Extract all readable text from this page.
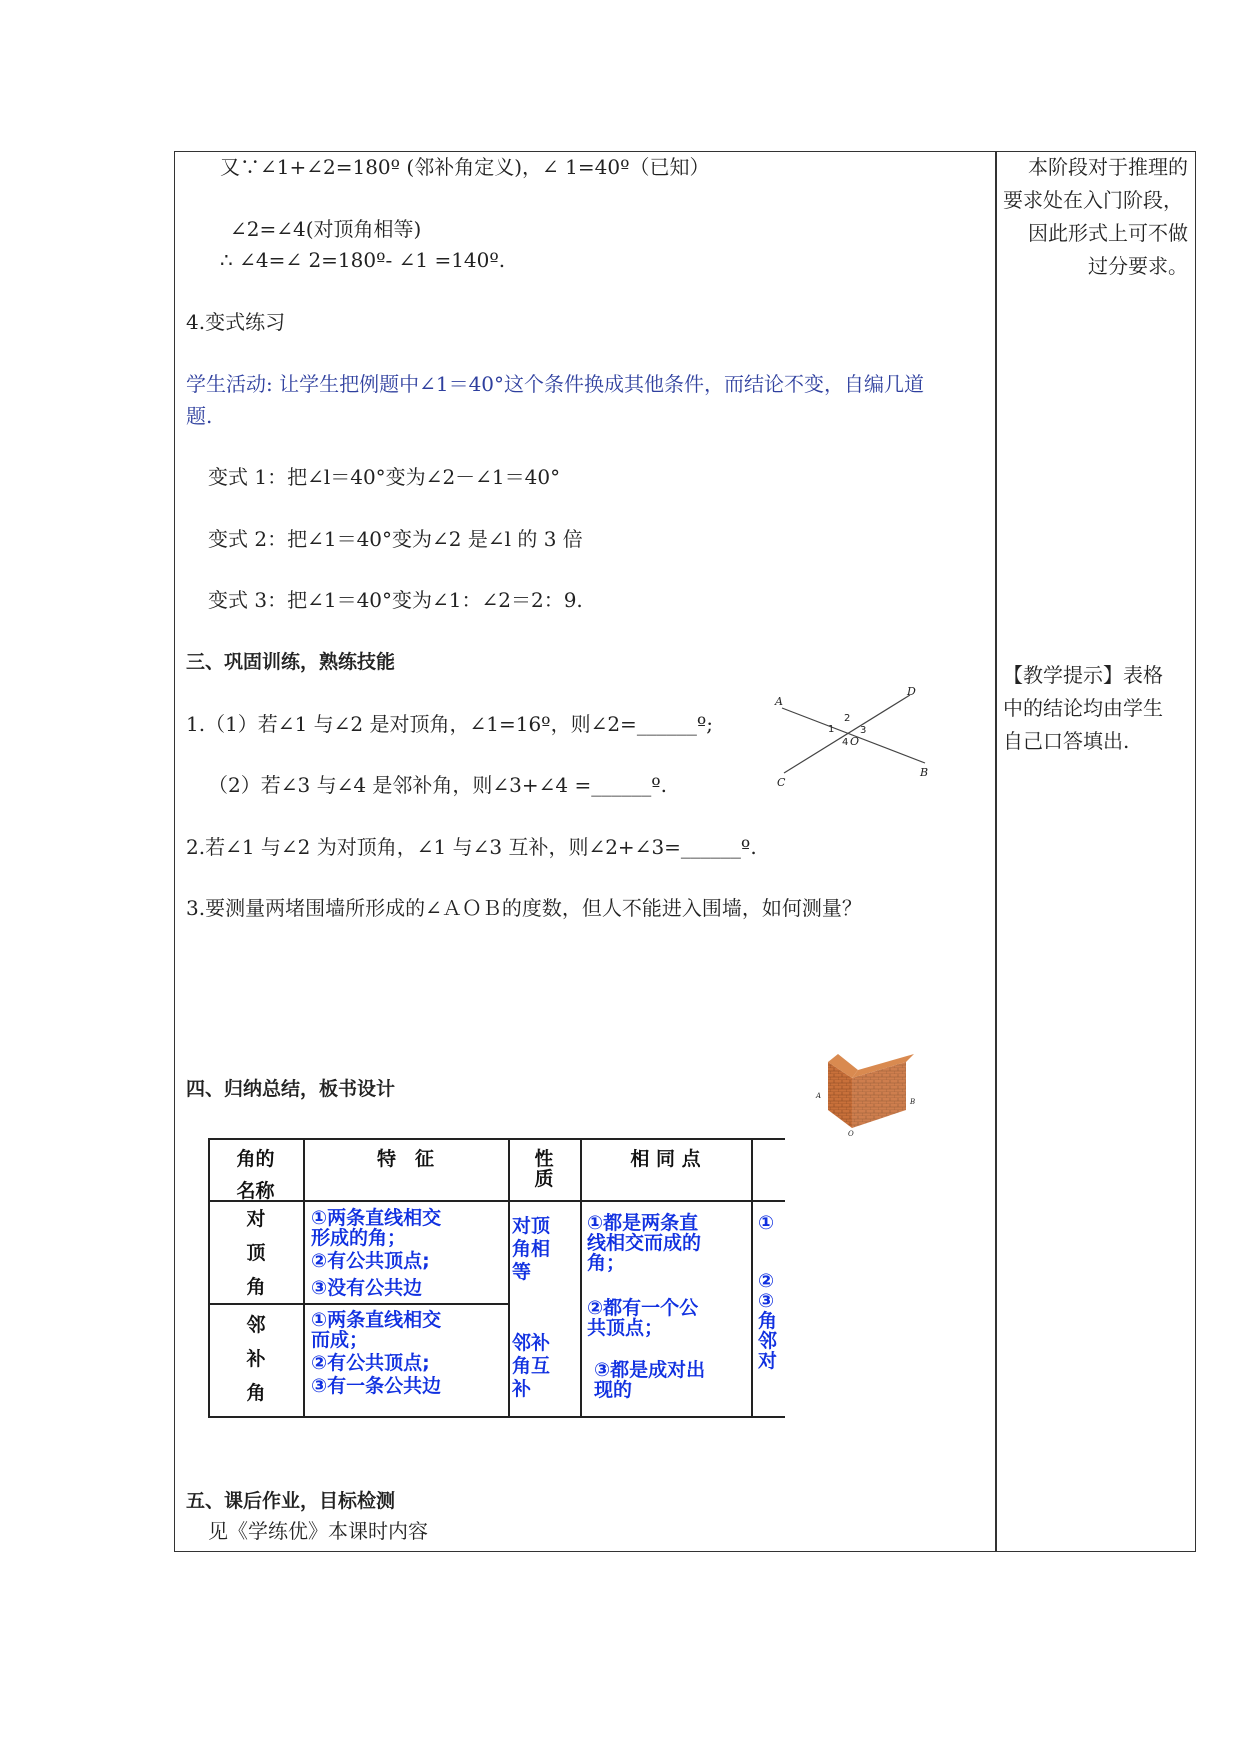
又∵∠1+∠2=180º (邻补角定义)，∠ 1=40º（已知）
∠2=∠4(对顶角相等)
∴ ∠4=∠ 2=180º- ∠1 =140º.
4.变式练习
学生活动: 让学生把例题中∠1＝40°这个条件换成其他条件，而结论不变，自编几道
题.
变式 1：把∠l＝40°变为∠2－∠1＝40°
变式 2：把∠1＝40°变为∠2 是∠l 的 3 倍
变式 3：把∠1＝40°变为∠1：∠2＝2：9.
三、巩固训练，熟练技能
1.（1）若∠1 与∠2 是对顶角，∠1=16º，则∠2=______º;
（2）若∠3 与∠4 是邻补角，则∠3+∠4 =______º.
2.若∠1 与∠2 为对顶角，∠1 与∠3 互补，则∠2+∠3=______º.
3.要测量两堵围墙所形成的∠ＡＯＢ的度数，但人不能进入围墙，如何测量？
A
B
C
D
O
1
2
3
4
A
B
O
四、归纳总结，板书设计
角的
名称
特　征	性
质
相 同 点
对
顶
角
①两条直线相交
形成的角；
②有公共顶点;
③没有公共边
对顶
角相
等
①都是两条直
线相交而成的
角；
②都有一个公
共顶点；
③都是成对出
现的
①
②
③
角
邻
对
邻
补
角
①两条直线相交
而成；
②有公共顶点;
③有一条公共边
邻补
角互
补
五、课后作业，目标检测
见《学练优》本课时内容
本阶段对于推理的
要求处在入门阶段，
因此形式上可不做
过分要求。
【教学提示】表格
中的结论均由学生
自己口答填出.
